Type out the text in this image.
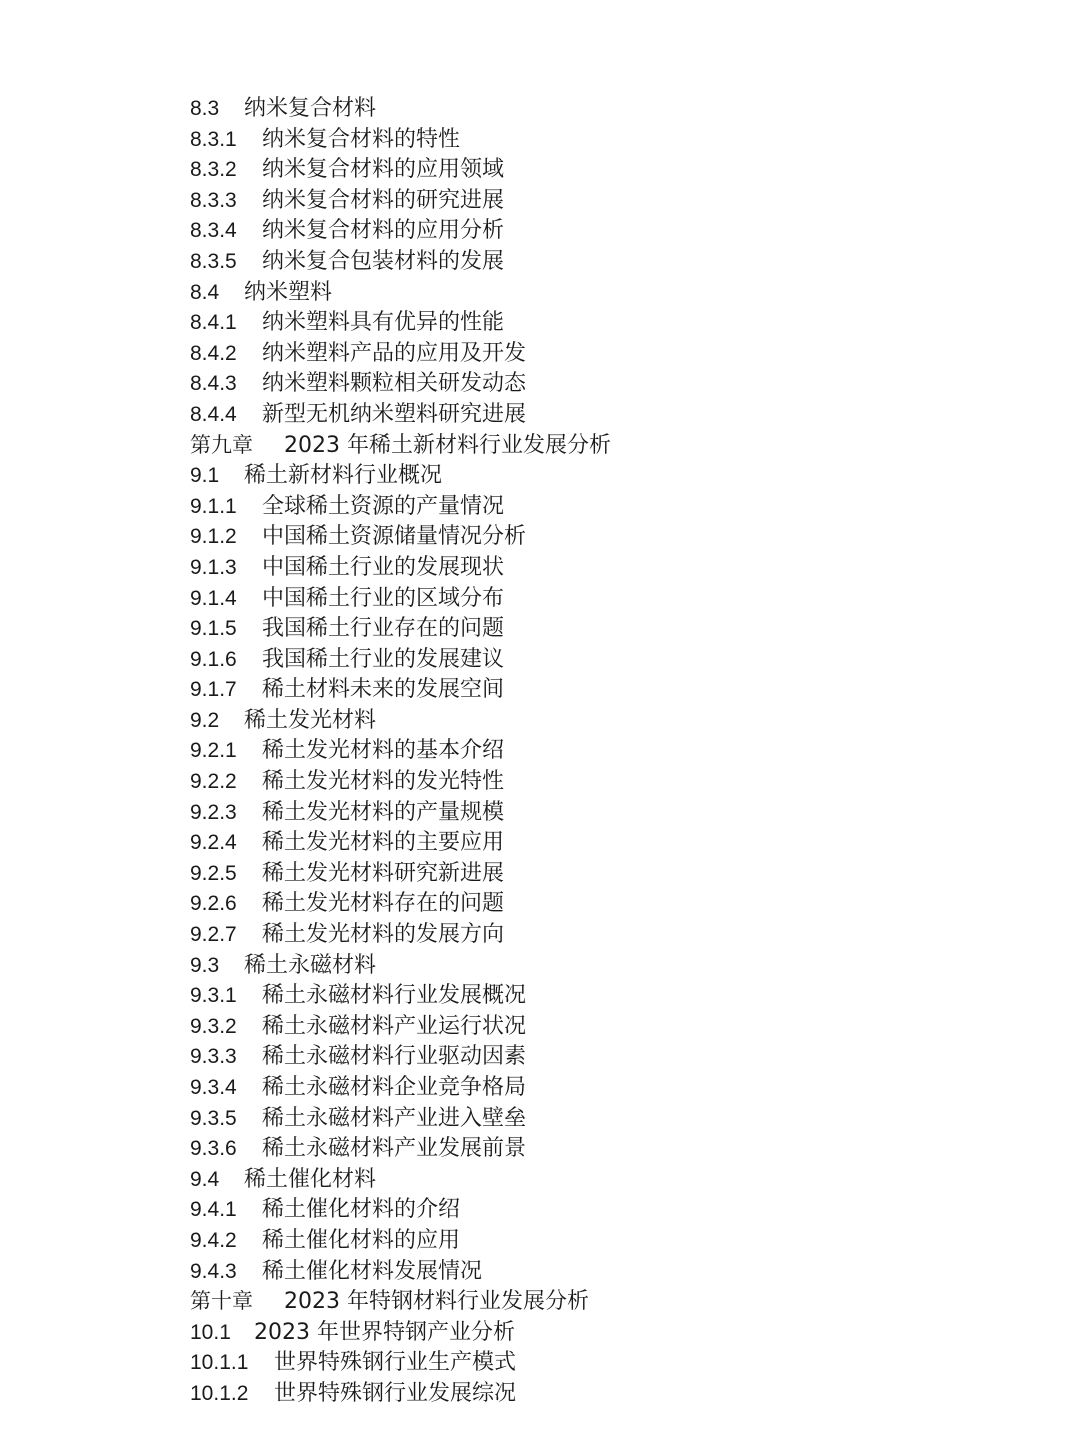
8.3 纳米复合材料
8.3.1 纳米复合材料的特性
8.3.2 纳米复合材料的应用领域
8.3.3 纳米复合材料的研究进展
8.3.4 纳米复合材料的应用分析
8.3.5 纳米复合包装材料的发展
8.4 纳米塑料
8.4.1 纳米塑料具有优异的性能
8.4.2 纳米塑料产品的应用及开发
8.4.3 纳米塑料颗粒相关研发动态
8.4.4 新型无机纳米塑料研究进展
第九章 2023 年稀土新材料行业发展分析
9.1 稀土新材料行业概况
9.1.1 全球稀土资源的产量情况
9.1.2 中国稀土资源储量情况分析
9.1.3 中国稀土行业的发展现状
9.1.4 中国稀土行业的区域分布
9.1.5 我国稀土行业存在的问题
9.1.6 我国稀土行业的发展建议
9.1.7 稀土材料未来的发展空间
9.2 稀土发光材料
9.2.1 稀土发光材料的基本介绍
9.2.2 稀土发光材料的发光特性
9.2.3 稀土发光材料的产量规模
9.2.4 稀土发光材料的主要应用
9.2.5 稀土发光材料研究新进展
9.2.6 稀土发光材料存在的问题
9.2.7 稀土发光材料的发展方向
9.3 稀土永磁材料
9.3.1 稀土永磁材料行业发展概况
9.3.2 稀土永磁材料产业运行状况
9.3.3 稀土永磁材料行业驱动因素
9.3.4 稀土永磁材料企业竞争格局
9.3.5 稀土永磁材料产业进入壁垒
9.3.6 稀土永磁材料产业发展前景
9.4 稀土催化材料
9.4.1 稀土催化材料的介绍
9.4.2 稀土催化材料的应用
9.4.3 稀土催化材料发展情况
第十章 2023 年特钢材料行业发展分析
10.1 2023 年世界特钢产业分析
10.1.1 世界特殊钢行业生产模式
10.1.2 世界特殊钢行业发展综况
